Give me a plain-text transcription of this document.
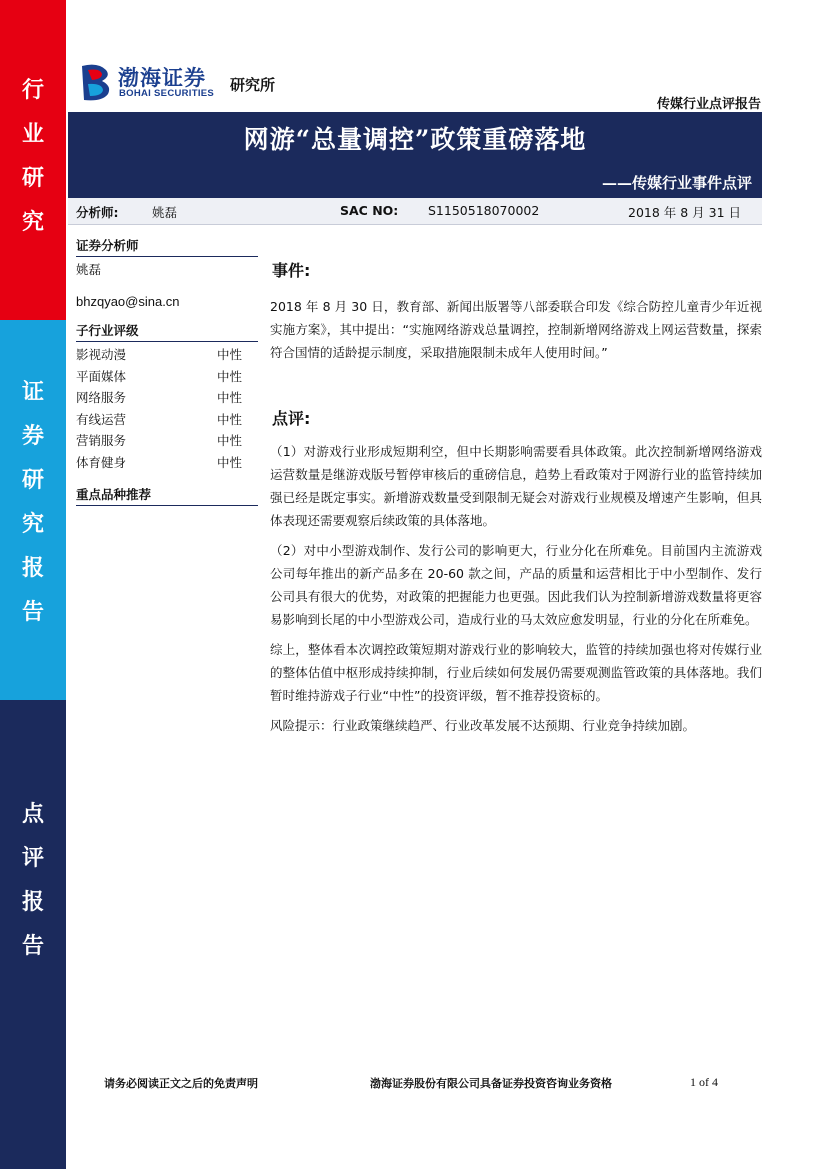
行
业
研
究
证
券
研
究
报
告
点
评
报
告
渤海证券
BOHAI SECURITIES 研究所
传媒行业点评报告
网游“总量调控”政策重磅落地
——传媒行业事件点评
分析师:	姚磊	SAC NO: S1150518070002	2018 年 8 月 31 日
证券分析师
姚磊
bhzqyao@sina.cn
子行业评级
影视动漫	中性
平面媒体	中性
网络服务	中性
有线运营	中性
营销服务	中性
体育健身	中性
重点品种推荐
事件:

2018 年 8 月 30 日，教育部、新闻出版署等八部委联合印发《综合防控儿童青少年近视实施方案》，其中提出：“实施网络游戏总量调控，控制新增网络游戏上网运营数量，探索符合国情的适龄提示制度，采取措施限制未成年人使用时间。”

点评:

（1）对游戏行业形成短期利空，但中长期影响需要看具体政策。此次控制新增网络游戏运营数量是继游戏版号暂停审核后的重磅信息，趋势上看政策对于网游行业的监管持续加强已经是既定事实。新增游戏数量受到限制无疑会对游戏行业规模及增速产生影响，但具体表现还需要观察后续政策的具体落地。

（2）对中小型游戏制作、发行公司的影响更大，行业分化在所难免。目前国内主流游戏公司每年推出的新产品多在 20-60 款之间，产品的质量和运营相比于中小型制作、发行公司具有很大的优势，对政策的把握能力也更强。因此我们认为控制新增游戏数量将更容易影响到长尾的中小型游戏公司，造成行业的马太效应愈发明显，行业的分化在所难免。

综上，整体看本次调控政策短期对游戏行业的影响较大，监管的持续加强也将对传媒行业的整体估值中枢形成持续抑制，行业后续如何发展仍需要观测监管政策的具体落地。我们暂时维持游戏子行业“中性”的投资评级，暂不推荐投资标的。

风险提示：行业政策继续趋严、行业改革发展不达预期、行业竞争持续加剧。

请务必阅读正文之后的免责声明	渤海证券股份有限公司具备证券投资咨询业务资格	1 of 4
